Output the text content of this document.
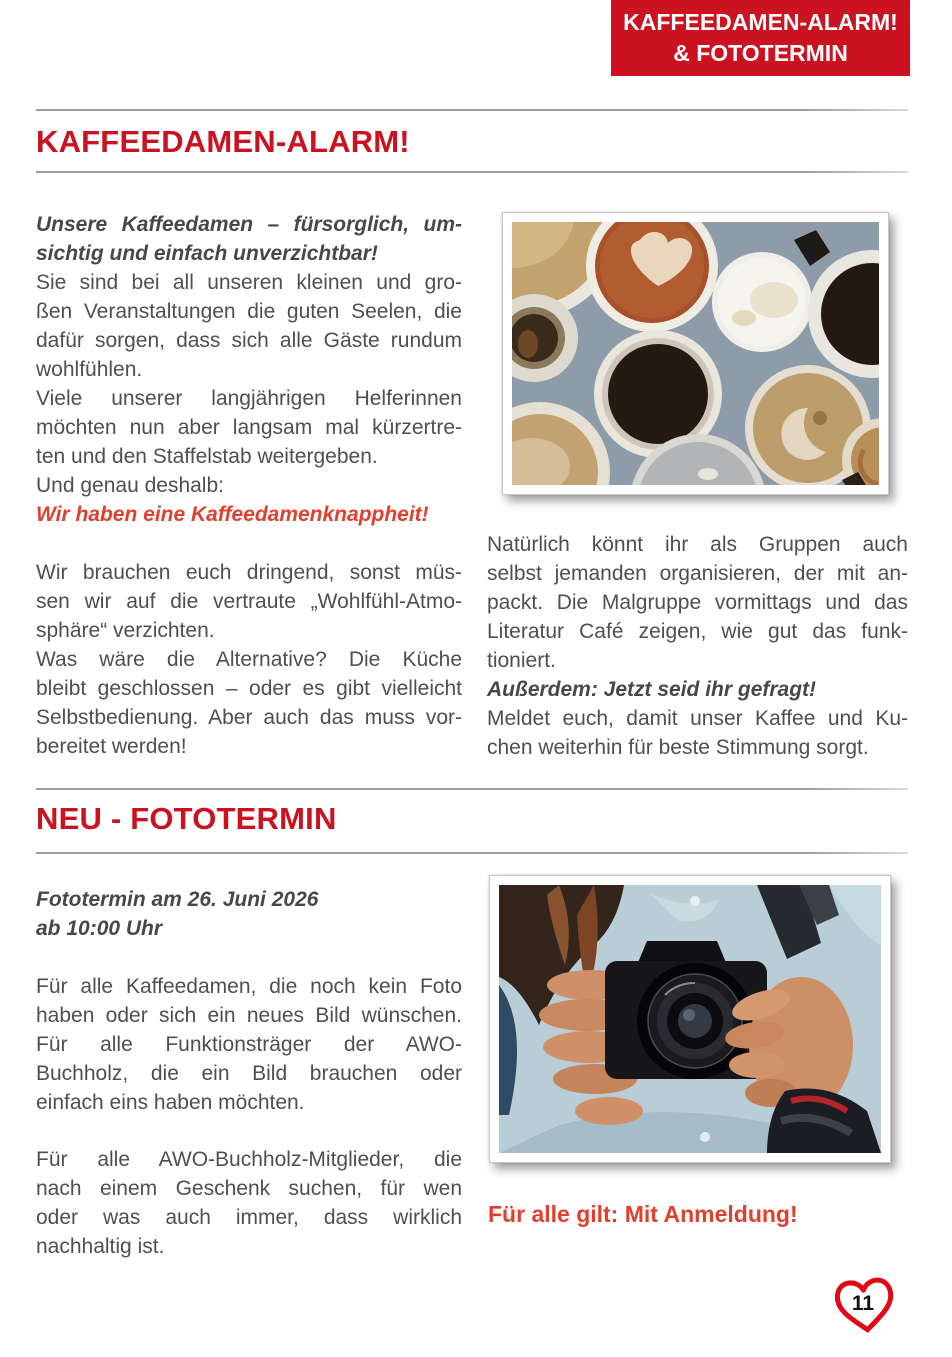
KAFFEEDAMEN-ALARM!
& FOTOTERMIN
KAFFEEDAMEN-ALARM!
Unsere Kaffeedamen – fürsorglich, um-
sichtig und einfach unverzichtbar!
Sie sind bei all unseren kleinen und gro-
ßen Veranstaltungen die guten Seelen, die
dafür sorgen, dass sich alle Gäste rundum
wohlfühlen.
Viele unserer langjährigen Helferinnen
möchten nun aber langsam mal kürzertre-
ten und den Staffelstab weitergeben.
Und genau deshalb:
Wir haben eine Kaffeedamenknappheit!
Wir brauchen euch dringend, sonst müs-
sen wir auf die vertraute „Wohlfühl-Atmo-
sphäre“ verzichten.
Was wäre die Alternative? Die Küche
bleibt geschlossen – oder es gibt vielleicht
Selbstbedienung. Aber auch das muss vor-
bereitet werden!
Natürlich könnt ihr als Gruppen auch
selbst jemanden organisieren, der mit an-
packt. Die Malgruppe vormittags und das
Literatur Café zeigen, wie gut das funk-
tioniert.
Außerdem: Jetzt seid ihr gefragt!
Meldet euch, damit unser Kaffee und Ku-
chen weiterhin für beste Stimmung sorgt.
NEU - FOTOTERMIN
Fototermin am 26. Juni 2026
ab 10:00 Uhr
Für alle Kaffeedamen, die noch kein Foto
haben oder sich ein neues Bild wünschen.
Für alle Funktionsträger der AWO-
Buchholz, die ein Bild brauchen oder
einfach eins haben möchten.
Für alle AWO-Buchholz-Mitglieder, die
nach einem Geschenk suchen, für wen
oder was auch immer, dass wirklich
nachhaltig ist.
Für alle gilt: Mit Anmeldung!
11
